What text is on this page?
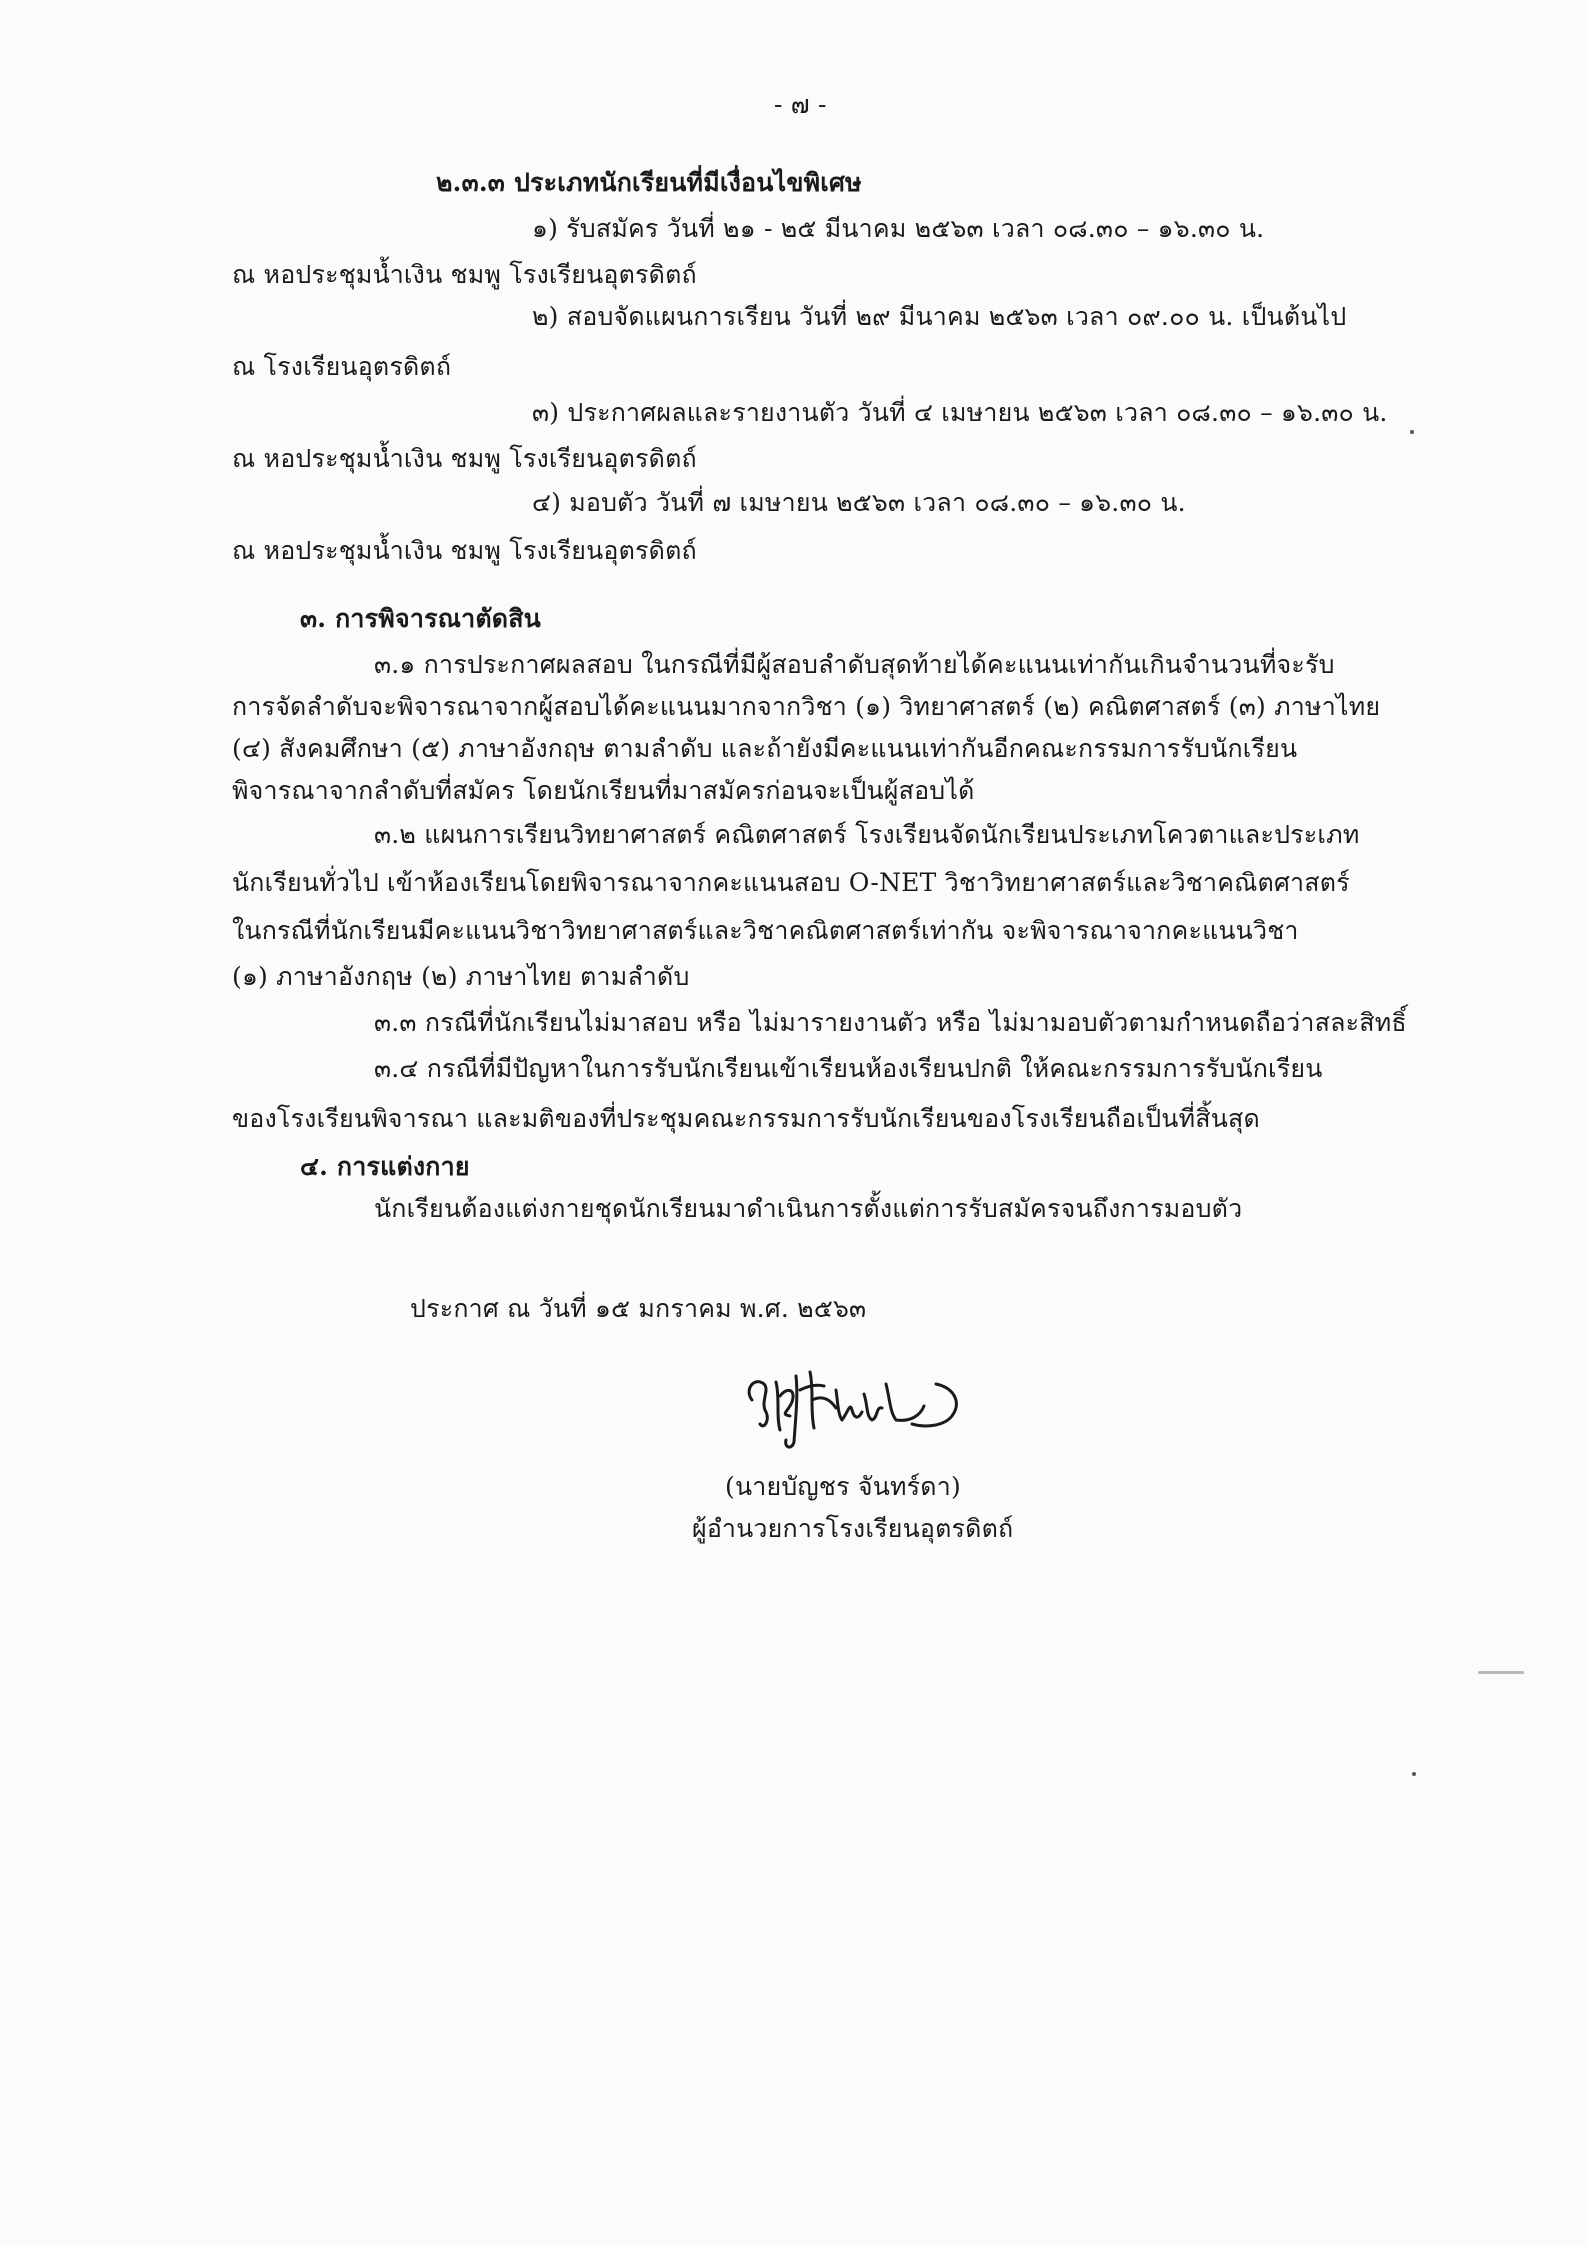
- ๗ -
๒.๓.๓ ประเภทนักเรียนที่มีเงื่อนไขพิเศษ
๑) รับสมัคร วันที่ ๒๑ - ๒๕ มีนาคม ๒๕๖๓ เวลา ๐๘.๓๐ – ๑๖.๓๐ น.
ณ หอประชุมน้ำเงิน ชมพู โรงเรียนอุตรดิตถ์
๒) สอบจัดแผนการเรียน วันที่ ๒๙ มีนาคม ๒๕๖๓ เวลา ๐๙.๐๐ น. เป็นต้นไป
ณ โรงเรียนอุตรดิตถ์
๓) ประกาศผลและรายงานตัว วันที่ ๔ เมษายน ๒๕๖๓ เวลา ๐๘.๓๐ – ๑๖.๓๐ น.
ณ หอประชุมน้ำเงิน ชมพู โรงเรียนอุตรดิตถ์
๔) มอบตัว วันที่ ๗ เมษายน ๒๕๖๓ เวลา ๐๘.๓๐ – ๑๖.๓๐ น.
ณ หอประชุมน้ำเงิน ชมพู โรงเรียนอุตรดิตถ์
๓. การพิจารณาตัดสิน
๓.๑ การประกาศผลสอบ ในกรณีที่มีผู้สอบลำดับสุดท้ายได้คะแนนเท่ากันเกินจำนวนที่จะรับ
การจัดลำดับจะพิจารณาจากผู้สอบได้คะแนนมากจากวิชา (๑) วิทยาศาสตร์ (๒) คณิตศาสตร์ (๓) ภาษาไทย
(๔) สังคมศึกษา (๕) ภาษาอังกฤษ ตามลำดับ และถ้ายังมีคะแนนเท่ากันอีกคณะกรรมการรับนักเรียน
พิจารณาจากลำดับที่สมัคร โดยนักเรียนที่มาสมัครก่อนจะเป็นผู้สอบได้
๓.๒ แผนการเรียนวิทยาศาสตร์ คณิตศาสตร์ โรงเรียนจัดนักเรียนประเภทโควตาและประเภท
นักเรียนทั่วไป เข้าห้องเรียนโดยพิจารณาจากคะแนนสอบ O-NET วิชาวิทยาศาสตร์และวิชาคณิตศาสตร์
ในกรณีที่นักเรียนมีคะแนนวิชาวิทยาศาสตร์และวิชาคณิตศาสตร์เท่ากัน จะพิจารณาจากคะแนนวิชา
(๑) ภาษาอังกฤษ (๒) ภาษาไทย ตามลำดับ
๓.๓ กรณีที่นักเรียนไม่มาสอบ หรือ ไม่มารายงานตัว หรือ ไม่มามอบตัวตามกำหนดถือว่าสละสิทธิ์
๓.๔ กรณีที่มีปัญหาในการรับนักเรียนเข้าเรียนห้องเรียนปกติ ให้คณะกรรมการรับนักเรียน
ของโรงเรียนพิจารณา และมติของที่ประชุมคณะกรรมการรับนักเรียนของโรงเรียนถือเป็นที่สิ้นสุด
๔. การแต่งกาย
นักเรียนต้องแต่งกายชุดนักเรียนมาดำเนินการตั้งแต่การรับสมัครจนถึงการมอบตัว
ประกาศ ณ วันที่ ๑๕ มกราคม พ.ศ. ๒๕๖๓
(นายบัญชร จันทร์ดา)
ผู้อำนวยการโรงเรียนอุตรดิตถ์
